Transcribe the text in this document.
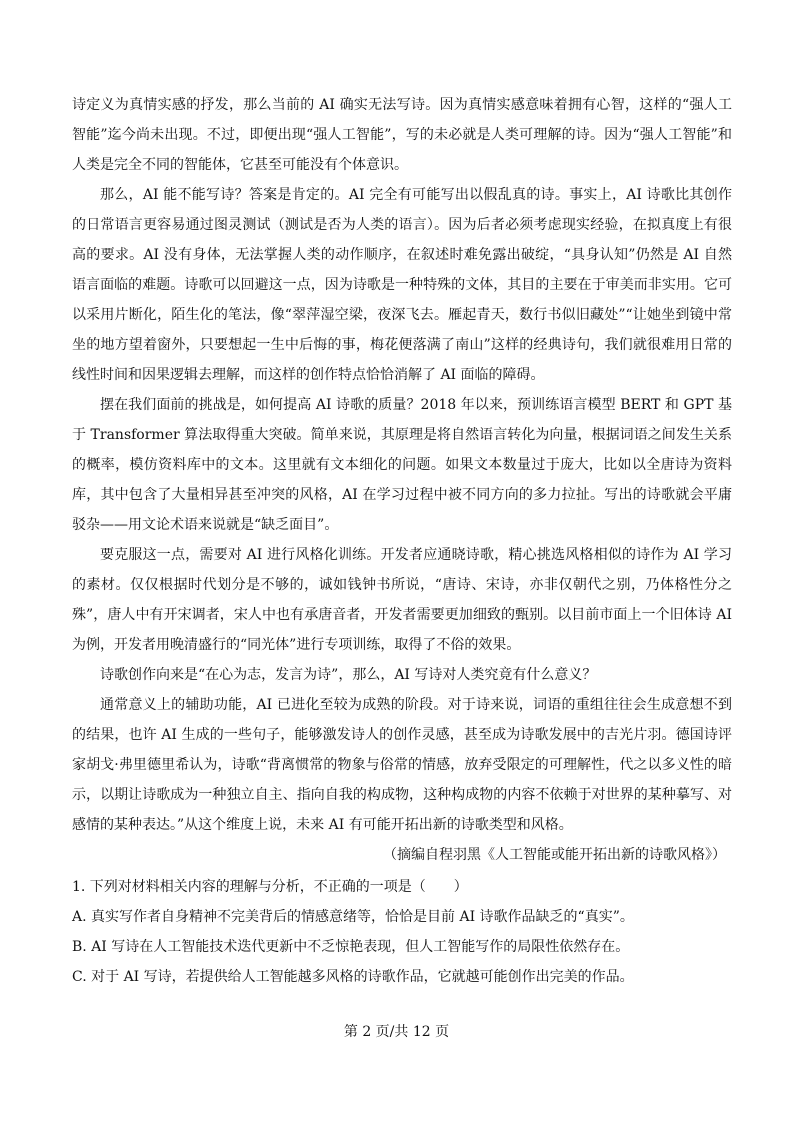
诗定义为真情实感的抒发，那么当前的 AI 确实无法写诗。因为真情实感意味着拥有心智，这样的“强人工智能”迄今尚未出现。不过，即便出现“强人工智能”，写的未必就是人类可理解的诗。因为“强人工智能”和人类是完全不同的智能体，它甚至可能没有个体意识。

那么，AI 能不能写诗？答案是肯定的。AI 完全有可能写出以假乱真的诗。事实上，AI 诗歌比其创作的日常语言更容易通过图灵测试（测试是否为人类的语言）。因为后者必须考虑现实经验，在拟真度上有很高的要求。AI 没有身体，无法掌握人类的动作顺序，在叙述时难免露出破绽，“具身认知”仍然是 AI 自然语言面临的难题。诗歌可以回避这一点，因为诗歌是一种特殊的文体，其目的主要在于审美而非实用。它可以采用片断化，陌生化的笔法，像“翠萍湿空梁，夜深飞去。雁起青天，数行书似旧藏处”“让她坐到镜中常坐的地方望着窗外，只要想起一生中后悔的事，梅花便落满了南山”这样的经典诗句，我们就很难用日常的线性时间和因果逻辑去理解，而这样的创作特点恰恰消解了 AI 面临的障碍。

摆在我们面前的挑战是，如何提高 AI 诗歌的质量？2018 年以来，预训练语言模型 BERT 和 GPT 基于 Transformer 算法取得重大突破。简单来说，其原理是将自然语言转化为向量，根据词语之间发生关系的概率，模仿资料库中的文本。这里就有文本细化的问题。如果文本数量过于庞大，比如以全唐诗为资料库，其中包含了大量相异甚至冲突的风格，AI 在学习过程中被不同方向的多力拉扯。写出的诗歌就会平庸驳杂——用文论术语来说就是“缺乏面目”。

要克服这一点，需要对 AI 进行风格化训练。开发者应通晓诗歌，精心挑选风格相似的诗作为 AI 学习的素材。仅仅根据时代划分是不够的，诚如钱钟书所说，“唐诗、宋诗，亦非仅朝代之别，乃体格性分之殊”，唐人中有开宋调者，宋人中也有承唐音者，开发者需要更加细致的甄别。以目前市面上一个旧体诗 AI 为例，开发者用晚清盛行的“同光体”进行专项训练，取得了不俗的效果。

诗歌创作向来是“在心为志，发言为诗”，那么，AI 写诗对人类究竟有什么意义？

通常意义上的辅助功能，AI 已进化至较为成熟的阶段。对于诗来说，词语的重组往往会生成意想不到的结果，也许 AI 生成的一些句子，能够激发诗人的创作灵感，甚至成为诗歌发展中的吉光片羽。德国诗评家胡戈·弗里德里希认为，诗歌“背离惯常的物象与俗常的情感，放弃受限定的可理解性，代之以多义性的暗示，以期让诗歌成为一种独立自主、指向自我的构成物，这种构成物的内容不依赖于对世界的某种摹写、对感情的某种表达。”从这个维度上说，未来 AI 有可能开拓出新的诗歌类型和风格。

（摘编自程羽黑《人工智能或能开拓出新的诗歌风格》）

1. 下列对材料相关内容的理解与分析，不正确的一项是（　　）

A. 真实写作者自身精神不完美背后的情感意绪等，恰恰是目前 AI 诗歌作品缺乏的“真实”。

B. AI 写诗在人工智能技术迭代更新中不乏惊艳表现，但人工智能写作的局限性依然存在。

C. 对于 AI 写诗，若提供给人工智能越多风格的诗歌作品，它就越可能创作出完美的作品。

第 2 页/共 12 页
